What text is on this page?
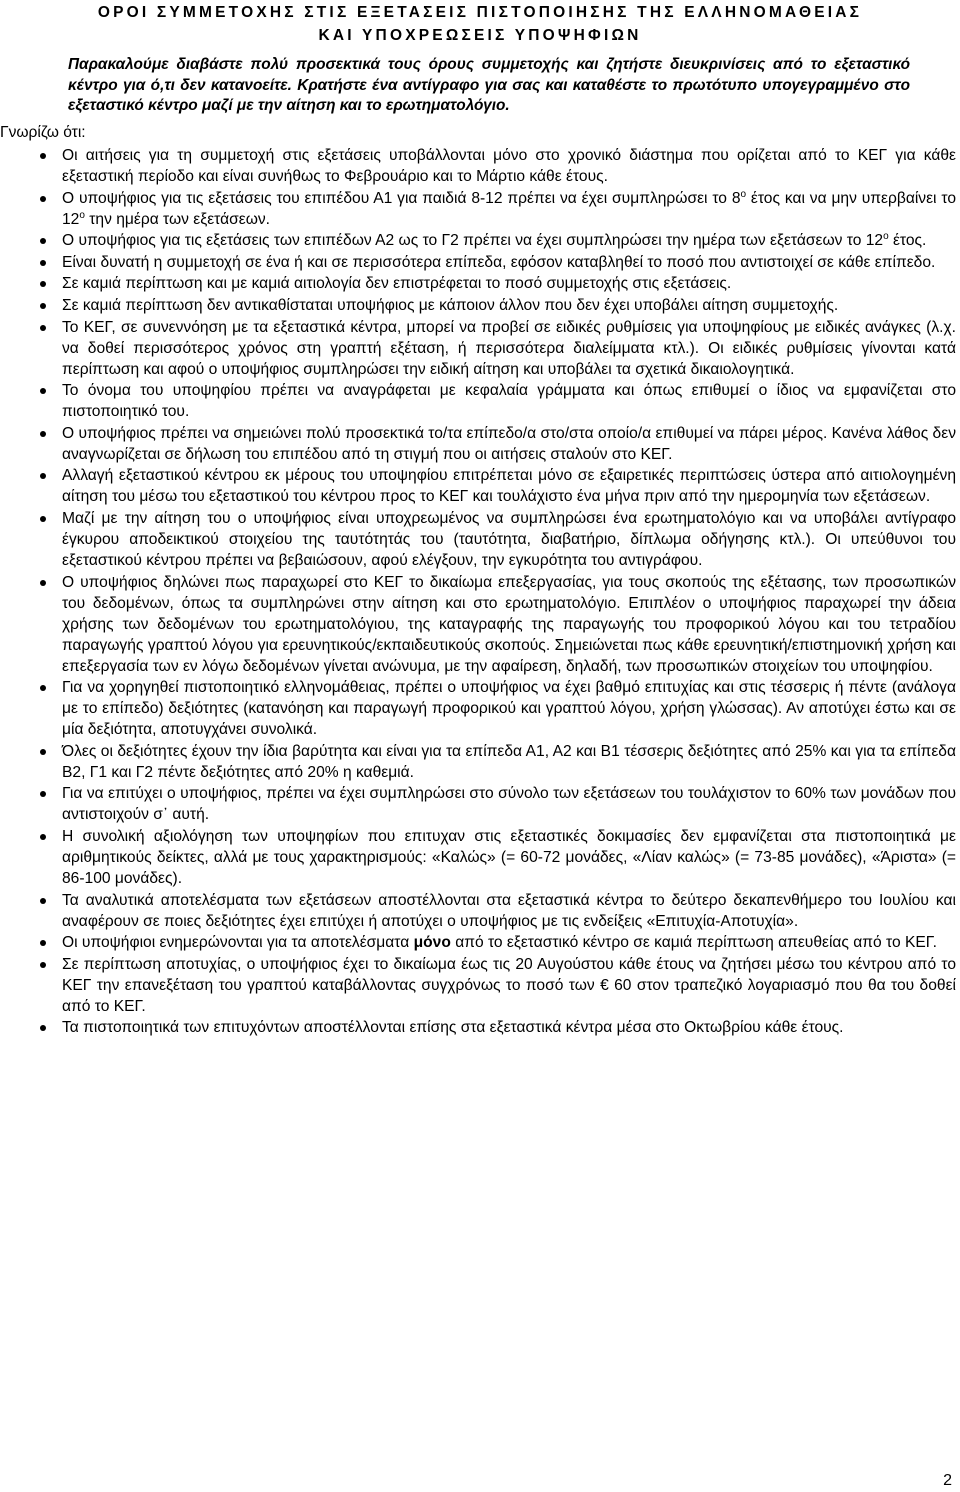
ΟΡΟΙ ΣΥΜΜΕΤΟΧΗΣ ΣΤΙΣ ΕΞΕΤΑΣΕΙΣ ΠΙΣΤΟΠΟΙΗΣΗΣ ΤΗΣ ΕΛΛΗΝΟΜΑΘΕΙΑΣ
ΚΑΙ ΥΠΟΧΡΕΩΣΕΙΣ ΥΠΟΨΗΦΙΩΝ

Παρακαλούμε διαβάστε πολύ προσεκτικά τους όρους συμμετοχής και ζητήστε διευκρινίσεις από το εξεταστικό κέντρο για ό,τι δεν κατανοείτε. Κρατήστε ένα αντίγραφο για σας και καταθέστε το πρωτότυπο υπογεγραμμένο στο εξεταστικό κέντρο μαζί με την αίτηση και το ερωτηματολόγιο.

Γνωρίζω ότι:

Οι αιτήσεις για τη συμμετοχή στις εξετάσεις υποβάλλονται μόνο στο χρονικό διάστημα που ορίζεται από το ΚΕΓ για κάθε εξεταστική περίοδο και είναι συνήθως το Φεβρουάριο και το Μάρτιο κάθε έτους.
Ο υποψήφιος για τις εξετάσεις του επιπέδου Α1 για παιδιά 8-12 πρέπει να έχει συμπληρώσει το $8^o$ έτος και να μην υπερβαίνει το $12^o$ την ημέρα των εξετάσεων.
Ο υποψήφιος για τις εξετάσεις των επιπέδων Α2 ως το Γ2 πρέπει να έχει συμπληρώσει την ημέρα των εξετάσεων το $12^o$ έτος.
Είναι δυνατή η συμμετοχή σε ένα ή και σε περισσότερα επίπεδα, εφόσον καταβληθεί το ποσό που αντιστοιχεί σε κάθε επίπεδο.
Σε καμιά περίπτωση και με καμιά αιτιολογία δεν επιστρέφεται το ποσό συμμετοχής στις εξετάσεις.
Σε καμιά περίπτωση δεν αντικαθίσταται υποψήφιος με κάποιον άλλον που δεν έχει υποβάλει αίτηση συμμετοχής.
Το ΚΕΓ, σε συνεννόηση με τα εξεταστικά κέντρα, μπορεί να προβεί σε ειδικές ρυθμίσεις για υποψηφίους με ειδικές ανάγκες (λ.χ. να δοθεί περισσότερος χρόνος στη γραπτή εξέταση, ή περισσότερα διαλείμματα κτλ.). Οι ειδικές ρυθμίσεις γίνονται κατά περίπτωση και αφού ο υποψήφιος συμπληρώσει την ειδική αίτηση και υποβάλει τα σχετικά δικαιολογητικά.
Το όνομα του υποψηφίου πρέπει να αναγράφεται με κεφαλαία γράμματα και όπως επιθυμεί ο ίδιος να εμφανίζεται στο πιστοποιητικό του.
Ο υποψήφιος πρέπει να σημειώνει πολύ προσεκτικά το/τα επίπεδο/α στο/στα οποίο/α επιθυμεί να πάρει μέρος. Κανένα λάθος δεν αναγνωρίζεται σε δήλωση του επιπέδου από τη στιγμή που οι αιτήσεις σταλούν στο ΚΕΓ.
Αλλαγή εξεταστικού κέντρου εκ μέρους του υποψηφίου επιτρέπεται μόνο σε εξαιρετικές περιπτώσεις ύστερα από αιτιολογημένη αίτηση του μέσω του εξεταστικού του κέντρου προς το ΚΕΓ και τουλάχιστο ένα μήνα πριν από την ημερομηνία των εξετάσεων.
Μαζί με την αίτηση του ο υποψήφιος είναι υποχρεωμένος να συμπληρώσει ένα ερωτηματολόγιο και να υποβάλει αντίγραφο έγκυρου αποδεικτικού στοιχείου της ταυτότητάς του (ταυτότητα, διαβατήριο, δίπλωμα οδήγησης κτλ.). Οι υπεύθυνοι του εξεταστικού κέντρου πρέπει να βεβαιώσουν, αφού ελέγξουν, την εγκυρότητα του αντιγράφου.
Ο υποψήφιος δηλώνει πως παραχωρεί στο ΚΕΓ το δικαίωμα επεξεργασίας, για τους σκοπούς της εξέτασης, των προσωπικών του δεδομένων, όπως τα συμπληρώνει στην αίτηση και στο ερωτηματολόγιο. Επιπλέον ο υποψήφιος παραχωρεί την άδεια χρήσης των δεδομένων του ερωτηματολόγιου, της καταγραφής της παραγωγής του προφορικού λόγου και του τετραδίου παραγωγής γραπτού λόγου για ερευνητικούς/εκπαιδευτικούς σκοπούς. Σημειώνεται πως κάθε ερευνητική/επιστημονική χρήση και επεξεργασία των εν λόγω δεδομένων γίνεται ανώνυμα, με την αφαίρεση, δηλαδή, των προσωπικών στοιχείων του υποψηφίου.
Για να χορηγηθεί πιστοποιητικό ελληνομάθειας, πρέπει ο υποψήφιος να έχει βαθμό επιτυχίας και στις τέσσερις ή πέντε (ανάλογα με το επίπεδο) δεξιότητες (κατανόηση και παραγωγή προφορικού και γραπτού λόγου, χρήση γλώσσας). Αν αποτύχει έστω και σε μία δεξιότητα, αποτυγχάνει συνολικά.
Όλες οι δεξιότητες έχουν την ίδια βαρύτητα και είναι για τα επίπεδα Α1, Α2 και Β1 τέσσερις δεξιότητες από 25% και για τα επίπεδα Β2, Γ1 και Γ2 πέντε δεξιότητες από 20% η καθεμιά.
Για να επιτύχει ο υποψήφιος, πρέπει να έχει συμπληρώσει στο σύνολο των εξετάσεων του τουλάχιστον το 60% των μονάδων που αντιστοιχούν σ᾽ αυτή.
Η συνολική αξιολόγηση των υποψηφίων που επιτυχαν στις εξεταστικές δοκιμασίες δεν εμφανίζεται στα πιστοποιητικά με αριθμητικούς δείκτες, αλλά με τους χαρακτηρισμούς: «Καλώς» (= 60-72 μονάδες, «Λίαν καλώς» (= 73-85 μονάδες), «Άριστα» (= 86-100 μονάδες).
Τα αναλυτικά αποτελέσματα των εξετάσεων αποστέλλονται στα εξεταστικά κέντρα το δεύτερο δεκαπενθήμερο του Ιουλίου και αναφέρουν σε ποιες δεξιότητες έχει επιτύχει ή αποτύχει ο υποψήφιος με τις ενδείξεις «Επιτυχία-Αποτυχία».
Οι υποψήφιοι ενημερώνονται για τα αποτελέσματα μόνο από το εξεταστικό κέντρο σε καμιά περίπτωση απευθείας από το ΚΕΓ.
Σε περίπτωση αποτυχίας, ο υποψήφιος έχει το δικαίωμα έως τις 20 Αυγούστου κάθε έτους να ζητήσει μέσω του κέντρου από το ΚΕΓ την επανεξέταση του γραπτού καταβάλλοντας συγχρόνως το ποσό των € 60 στον τραπεζικό λογαριασμό που θα του δοθεί από το ΚΕΓ.
Τα πιστοποιητικά των επιτυχόντων αποστέλλονται επίσης στα εξεταστικά κέντρα μέσα στο Οκτωβρίου κάθε έτους.
2
